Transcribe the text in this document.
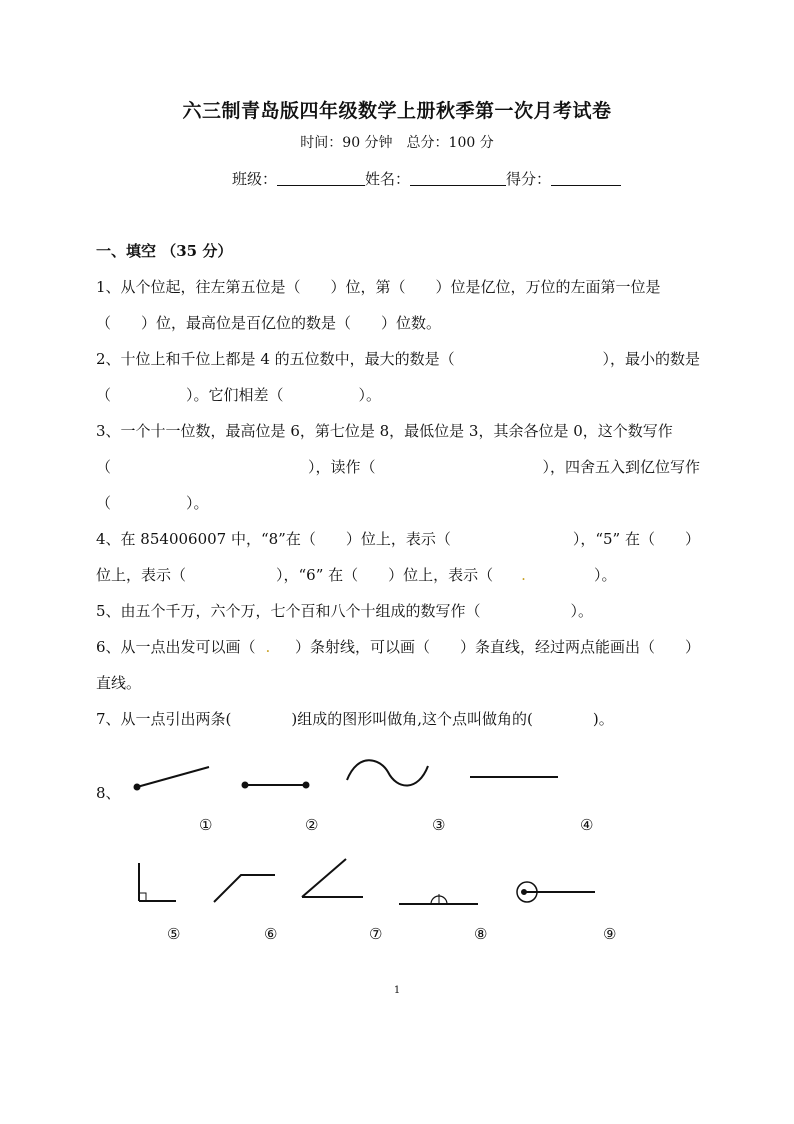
六三制青岛版四年级数学上册秋季第一次月考试卷
时间：90 分钟　总分：100 分
班级：	姓名：	得分：
一、填空 （35 分）
1、从个位起，往左第五位是（　　）位，第（　　）位是亿位，万位的左面第一位是
（　　）位，最高位是百亿位的数是（　　）位数。
2、十位上和千位上都是 4 的五位数中，最大的数是（	），最小的数是
（　　　　　）。它们相差（　　　　　）。
3、一个十一位数，最高位是 6，第七位是 8，最低位是 3，其余各位是 0，这个数写作
（	），读作（	），四舍五入到亿位写作
（　　　　　）。
4、在 854006007 中，“8”在（　　）位上，表示（	），“5” 在（　　）
位上，表示（　　　　　　），“6” 在（　　）位上，表示（ .	）。
5、由五个千万，六个万，七个百和八个十组成的数写作（　　　　　　）。
6、从一点出发可以画（ .	）条射线，可以画（　　）条直线，经过两点能画出（　　）
直线。
7、从一点引出两条(　　　　)组成的图形叫做角,这个点叫做角的(　　　　)。
8、
①	②	③	④
⑤	⑥	⑦	⑧	⑨
1
